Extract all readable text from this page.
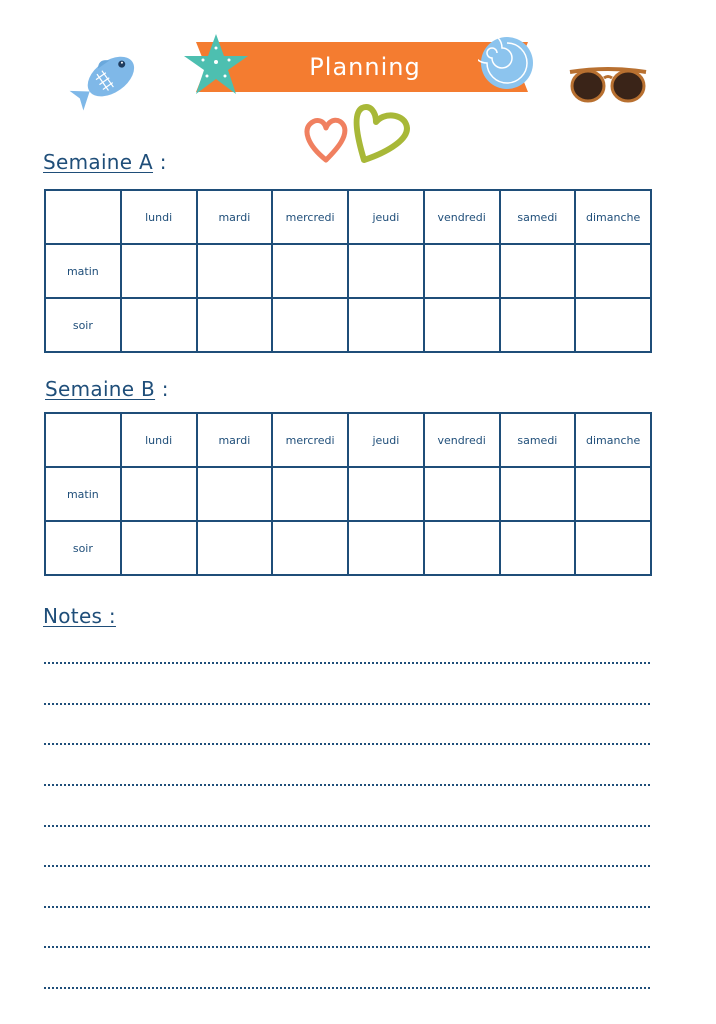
Planning
Semaine A :
	lundi	mardi	mercredi	jeudi	vendredi	samedi	dimanche
matin							
soir							
Semaine B :
	lundi	mardi	mercredi	jeudi	vendredi	samedi	dimanche
matin							
soir							
Notes :
